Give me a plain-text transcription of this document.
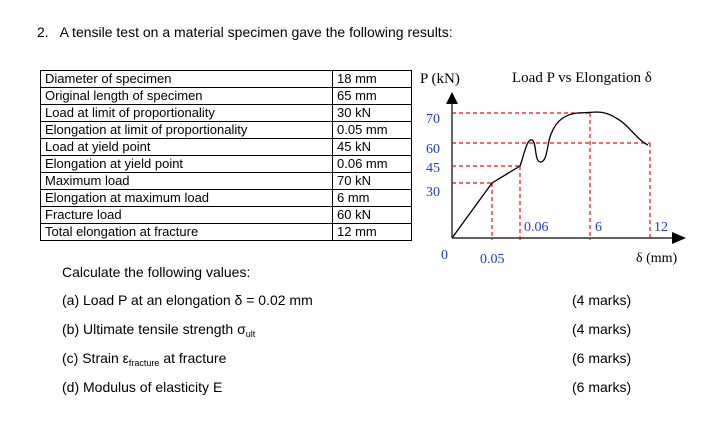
2. A tensile test on a material specimen gave the following results:
Diameter of specimen	18 mm
Original length of specimen	65 mm
Load at limit of proportionality	30 kN
Elongation at limit of proportionality	0.05 mm
Load at yield point	45 kN
Elongation at yield point	0.06 mm
Maximum load	70 kN
Elongation at maximum load	6 mm
Fracture load	60 kN
Total elongation at fracture	12 mm
Load P vs Elongation δ
P (kN)
δ (mm)
0
70
60
45
30
0.05
0.06	6	12
Calculate the following values:
(a) Load P at an elongation δ = 0.02 mm	(4 marks)
(b) Ultimate tensile strength $\sigma_{ult}$	(4 marks)
(c) Strain $\varepsilon_{fracture}$ at fracture	(6 marks)
(d) Modulus of elasticity E	(6 marks)
